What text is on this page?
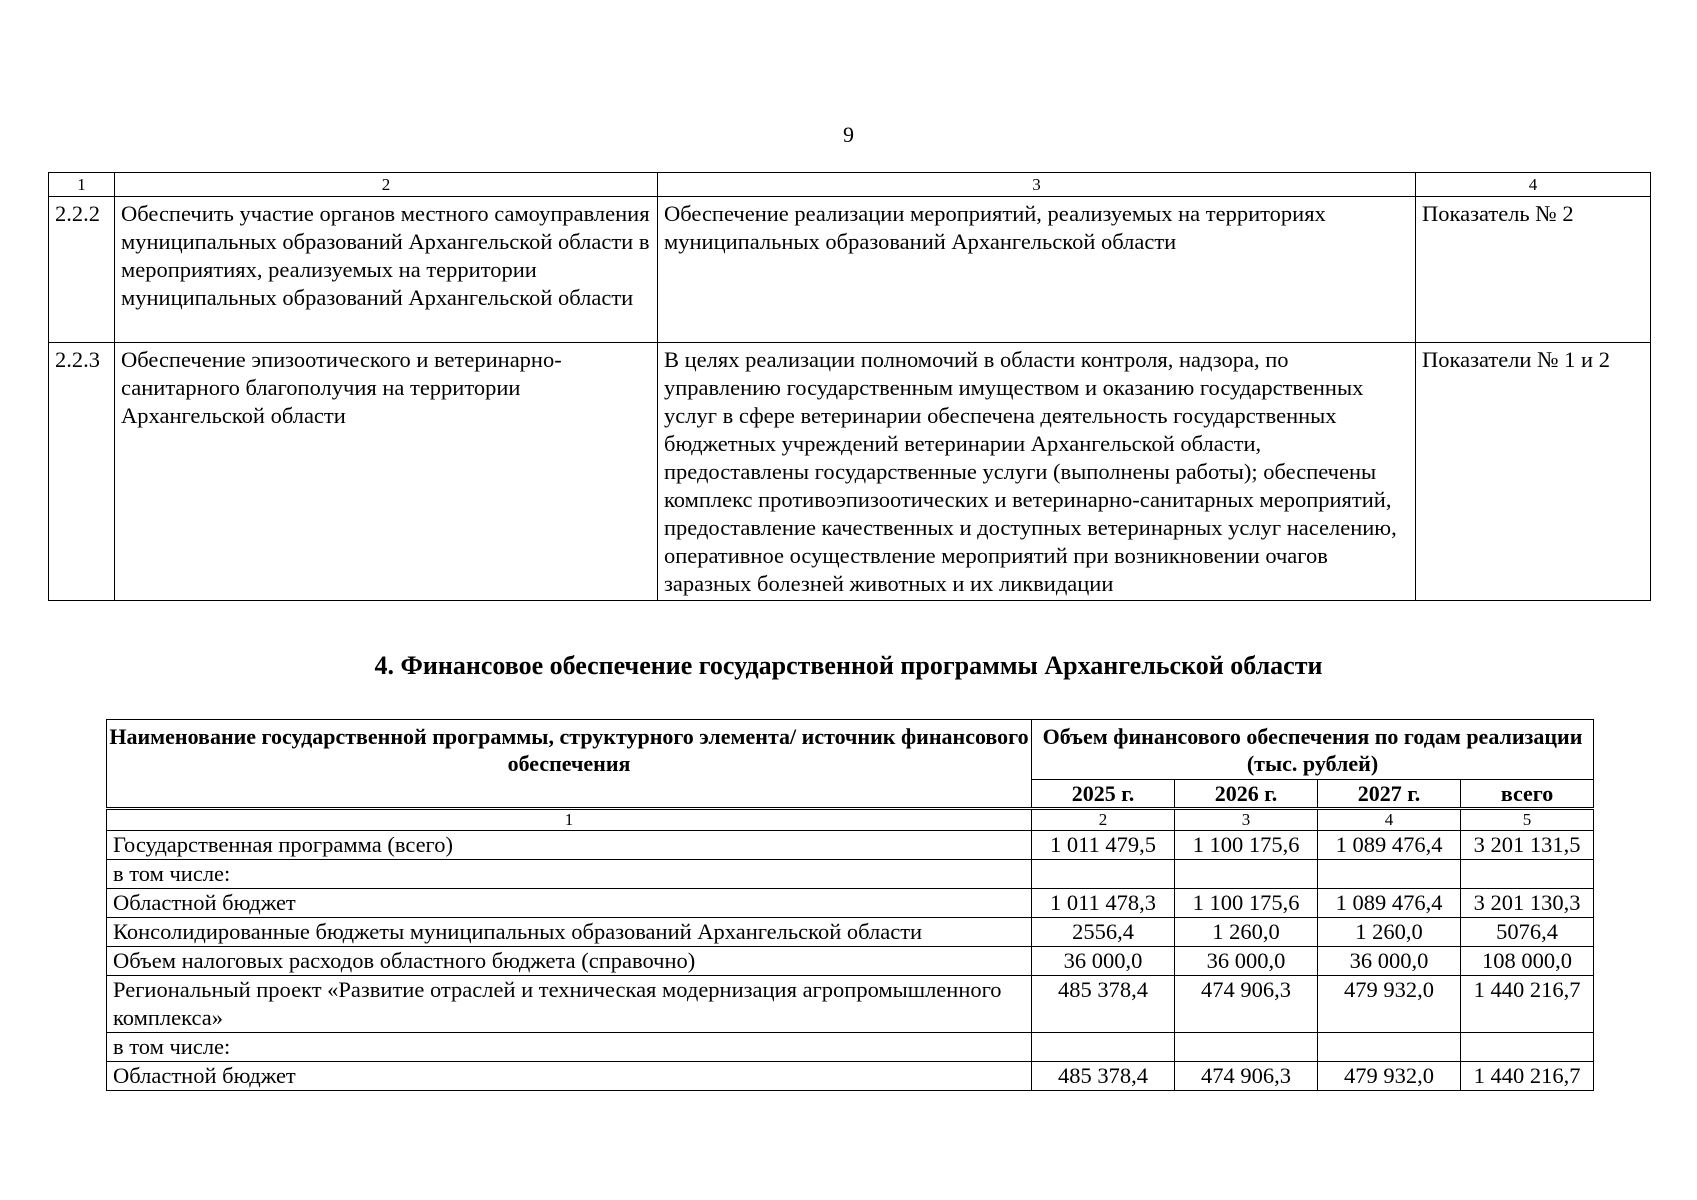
9
1	2	3	4
2.2.2	Обеспечить участие органов местного самоуправления муниципальных образований Архангельской области в мероприятиях, реализуемых на территории муниципальных образований Архангельской области	Обеспечение реализации мероприятий, реализуемых на территориях муниципальных образований Архангельской области	Показатель № 2
2.2.3	Обеспечение эпизоотического и ветеринарно-санитарного благополучия на территории Архангельской области	В целях реализации полномочий в области контроля, надзора, по управлению государственным имуществом и оказанию государственных услуг в сфере ветеринарии обеспечена деятельность государственных бюджетных учреждений ветеринарии Архангельской области, предоставлены государственные услуги (выполнены работы); обеспечены комплекс противоэпизоотических и ветеринарно-санитарных мероприятий, предоставление качественных и доступных ветеринарных услуг населению, оперативное осуществление мероприятий при возникновении очагов заразных болезней животных и их ликвидации	Показатели № 1 и 2
4. Финансовое обеспечение государственной программы Архангельской области
Наименование государственной программы, структурного элемента/ источник финансового обеспечения	Объем финансового обеспечения по годам реализации (тыс. рублей)			
	2025 г.	2026 г.	2027 г.	всего
1	2	3	4	5
Государственная программа (всего)	1 011 479,5	1 100 175,6	1 089 476,4	3 201 131,5
в том числе:				
Областной бюджет	1 011 478,3	1 100 175,6	1 089 476,4	3 201 130,3
Консолидированные бюджеты муниципальных образований Архангельской области	2556,4	1 260,0	1 260,0	5076,4
Объем налоговых расходов областного бюджета (справочно)	36 000,0	36 000,0	36 000,0	108 000,0
Региональный проект «Развитие отраслей и техническая модернизация агропромышленного комплекса»	485 378,4	474 906,3	479 932,0	1 440 216,7
в том числе:				
Областной бюджет	485 378,4	474 906,3	479 932,0	1 440 216,7
